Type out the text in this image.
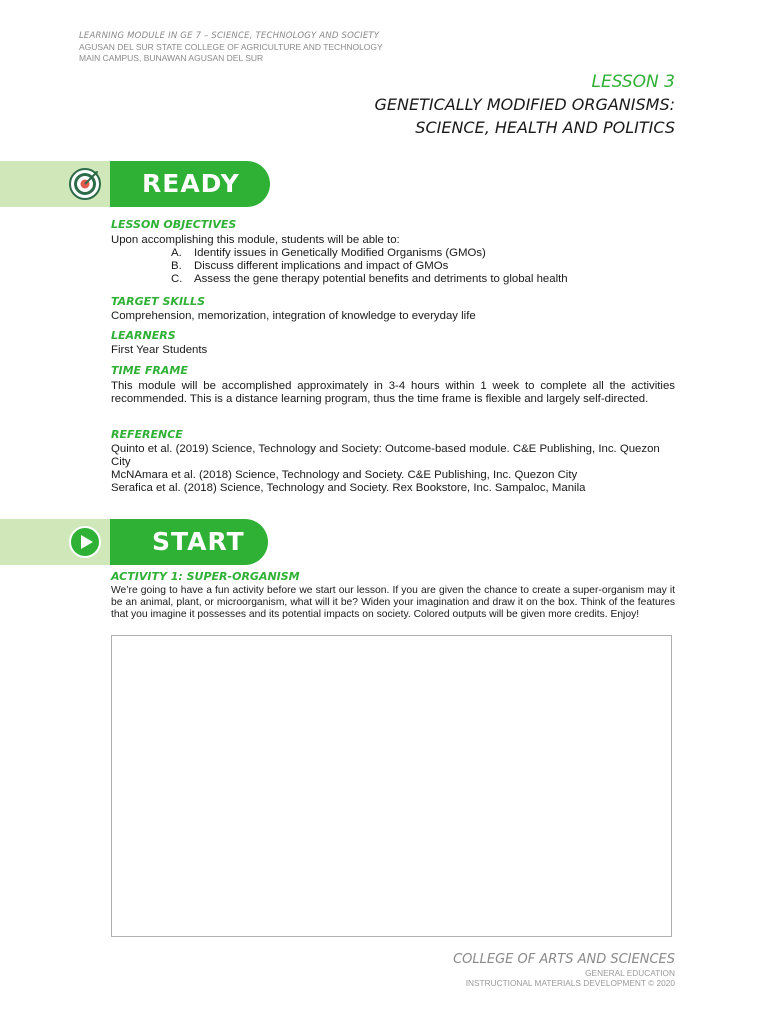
LEARNING MODULE IN GE 7 – SCIENCE, TECHNOLOGY AND SOCIETY
AGUSAN DEL SUR STATE COLLEGE OF AGRICULTURE AND TECHNOLOGY
MAIN CAMPUS, BUNAWAN AGUSAN DEL SUR
LESSON 3
GENETICALLY MODIFIED ORGANISMS:
SCIENCE, HEALTH AND POLITICS
READY
LESSON OBJECTIVES
Upon accomplishing this module, students will be able to:
A. Identify issues in Genetically Modified Organisms (GMOs)
B. Discuss different implications and impact of GMOs
C. Assess the gene therapy potential benefits and detriments to global health
TARGET SKILLS
Comprehension, memorization, integration of knowledge to everyday life
LEARNERS
First Year Students
TIME FRAME
This module will be accomplished approximately in 3-4 hours within 1 week to complete all the activities recommended. This is a distance learning program, thus the time frame is flexible and largely self-directed.
REFERENCE
Quinto et al. (2019) Science, Technology and Society: Outcome-based module. C&E Publishing, Inc. Quezon City
McNAmara et al. (2018) Science, Technology and Society. C&E Publishing, Inc. Quezon City
Serafica et al. (2018) Science, Technology and Society. Rex Bookstore, Inc. Sampaloc, Manila
START
ACTIVITY 1: SUPER-ORGANISM
We’re going to have a fun activity before we start our lesson. If you are given the chance to create a super-organism may it be an animal, plant, or microorganism, what will it be? Widen your imagination and draw it on the box. Think of the features that you imagine it possesses and its potential impacts on society. Colored outputs will be given more credits. Enjoy!
COLLEGE OF ARTS AND SCIENCES
GENERAL EDUCATION
INSTRUCTIONAL MATERIALS DEVELOPMENT © 2020
